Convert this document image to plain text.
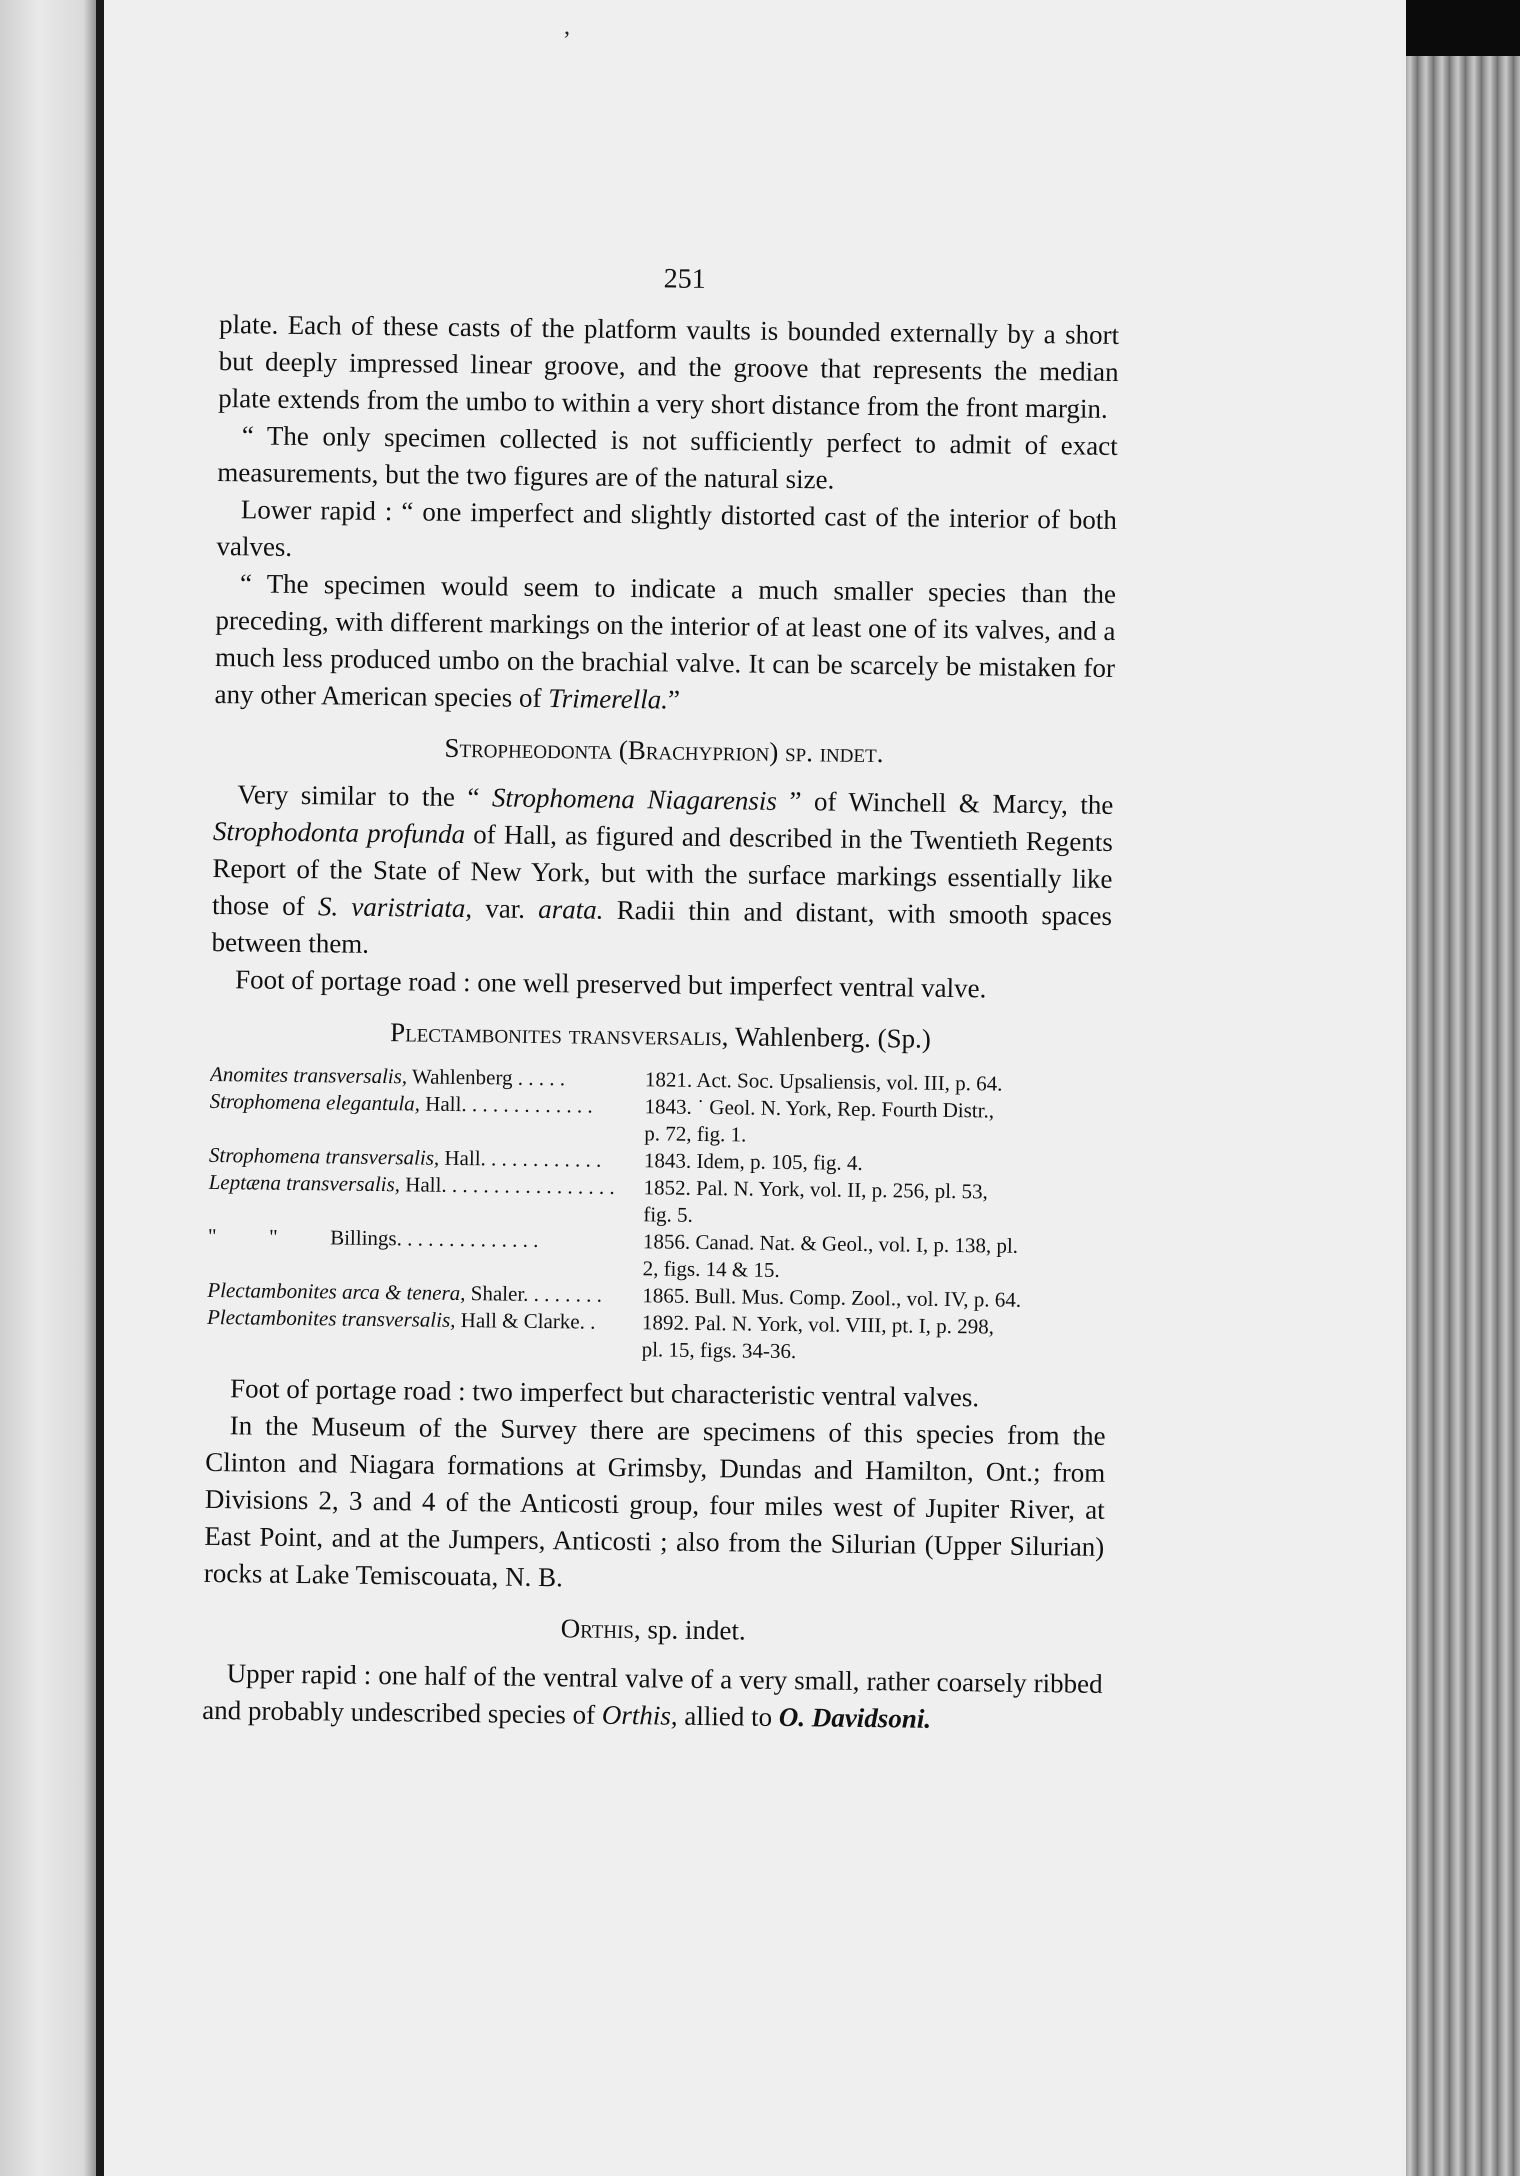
,
251

plate. Each of these casts of the platform vaults is bounded externally by a short but deeply impressed linear groove, and the groove that represents the median plate extends from the umbo to within a very short distance from the front margin.

“ The only specimen collected is not sufficiently perfect to admit of exact measurements, but the two figures are of the natural size.

Lower rapid : “ one imperfect and slightly distorted cast of the interior of both valves.

“ The specimen would seem to indicate a much smaller species than the preceding, with different markings on the interior of at least one of its valves, and a much less produced umbo on the brachial valve. It can be scarcely be mistaken for any other American species of Trimerella.”

Stropheodonta (Brachyprion) sp. indet.

Very similar to the “ Strophomena Niagarensis ” of Winchell & Marcy, the Strophodonta profunda of Hall, as figured and described in the Twentieth Regents Report of the State of New York, but with the surface markings essentially like those of S. varistriata, var. arata. Radii thin and distant, with smooth spaces between them.

Foot of portage road : one well preserved but imperfect ventral valve.

Plectambonites transversalis, Wahlenberg. (Sp.)
Anomites transversalis, Wahlenberg . . . . .	1821. Act. Soc. Upsaliensis, vol. III, p. 64.
Strophomena elegantula, Hall. . . . . . . . . . . . .	1843. ˙ Geol. N. York, Rep. Fourth Distr.,
p. 72, fig. 1.
Strophomena transversalis, Hall. . . . . . . . . . . .	1843. Idem, p. 105, fig. 4.
Leptæna transversalis, Hall. . . . . . . . . . . . . . . . .	1852. Pal. N. York, vol. II, p. 256, pl. 53,
fig. 5.
"          "          Billings. . . . . . . . . . . . . .	1856. Canad. Nat. & Geol., vol. I, p. 138, pl.
2, figs. 14 & 15.
Plectambonites arca & tenera, Shaler. . . . . . . .	1865. Bull. Mus. Comp. Zool., vol. IV, p. 64.
Plectambonites transversalis, Hall & Clarke. .	1892. Pal. N. York, vol. VIII, pt. I, p. 298,
pl. 15, figs. 34-36.

Foot of portage road : two imperfect but characteristic ventral valves.

In the Museum of the Survey there are specimens of this species from the Clinton and Niagara formations at Grimsby, Dundas and Hamilton, Ont.; from Divisions 2, 3 and 4 of the Anticosti group, four miles west of Jupiter River, at East Point, and at the Jumpers, Anticosti ; also from the Silurian (Upper Silurian) rocks at Lake Temiscouata, N. B.

Orthis, sp. indet.

Upper rapid : one half of the ventral valve of a very small, rather coarsely ribbed and probably undescribed species of Orthis, allied to O. Davidsoni.
